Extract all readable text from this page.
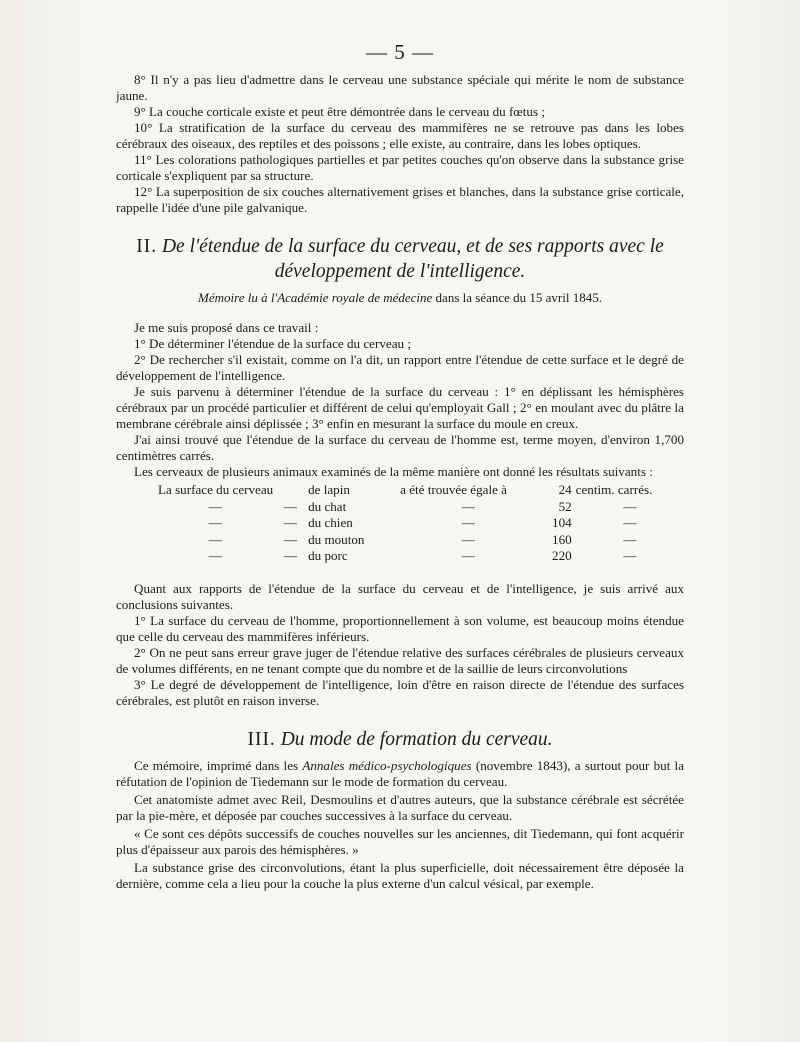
— 5 —

8° Il n'y a pas lieu d'admettre dans le cerveau une substance spéciale qui mérite le nom de substance jaune.

9° La couche corticale existe et peut être démontrée dans le cerveau du fœtus ;

10° La stratification de la surface du cerveau des mammifères ne se retrouve pas dans les lobes cérébraux des oiseaux, des reptiles et des poissons ; elle existe, au contraire, dans les lobes optiques.

11° Les colorations pathologiques partielles et par petites couches qu'on observe dans la substance grise corticale s'expliquent par sa structure.

12° La superposition de six couches alternativement grises et blanches, dans la substance grise corticale, rappelle l'idée d'une pile galvanique.

II. De l'étendue de la surface du cerveau, et de ses rapports avec le développement de l'intelligence.
Mémoire lu à l'Académie royale de médecine dans la séance du 15 avril 1845.

Je me suis proposé dans ce travail :

1° De déterminer l'étendue de la surface du cerveau ;

2° De rechercher s'il existait, comme on l'a dit, un rapport entre l'étendue de cette surface et le degré de développement de l'intelligence.

Je suis parvenu à déterminer l'étendue de la surface du cerveau : 1° en déplissant les hémisphères cérébraux par un procédé particulier et différent de celui qu'employait Gall ; 2° en moulant avec du plâtre la membrane cérébrale ainsi déplissée ; 3° enfin en mesurant la surface du moule en creux.

J'ai ainsi trouvé que l'étendue de la surface du cerveau de l'homme est, terme moyen, d'environ 1,700 centimètres carrés.

Les cerveaux de plusieurs animaux examinés de la même manière ont donné les résultats suivants :

La surface du cerveau		de lapin	a été trouvée égale à	24	centim. carrés.
—	—	du chat	—	52	—
—	—	du chien	—	104	—
—	—	du mouton	—	160	—
—	—	du porc	—	220	—

Quant aux rapports de l'étendue de la surface du cerveau et de l'intelligence, je suis arrivé aux conclusions suivantes.

1° La surface du cerveau de l'homme, proportionnellement à son volume, est beaucoup moins étendue que celle du cerveau des mammifères inférieurs.

2° On ne peut sans erreur grave juger de l'étendue relative des surfaces cérébrales de plusieurs cerveaux de volumes différents, en ne tenant compte que du nombre et de la saillie de leurs circonvolutions

3° Le degré de développement de l'intelligence, loin d'être en raison directe de l'étendue des surfaces cérébrales, est plutôt en raison inverse.

III. Du mode de formation du cerveau.

Ce mémoire, imprimé dans les Annales médico-psychologiques (novembre 1843), a surtout pour but la réfutation de l'opinion de Tiedemann sur le mode de formation du cerveau.

Cet anatomiste admet avec Reil, Desmoulins et d'autres auteurs, que la substance cérébrale est sécrétée par la pie-mère, et déposée par couches successives à la surface du cerveau.

« Ce sont ces dépôts successifs de couches nouvelles sur les anciennes, dit Tiedemann, qui font acquérir plus d'épaisseur aux parois des hémisphères. »

La substance grise des circonvolutions, étant la plus superficielle, doit nécessairement être déposée la dernière, comme cela a lieu pour la couche la plus externe d'un calcul vésical, par exemple.
